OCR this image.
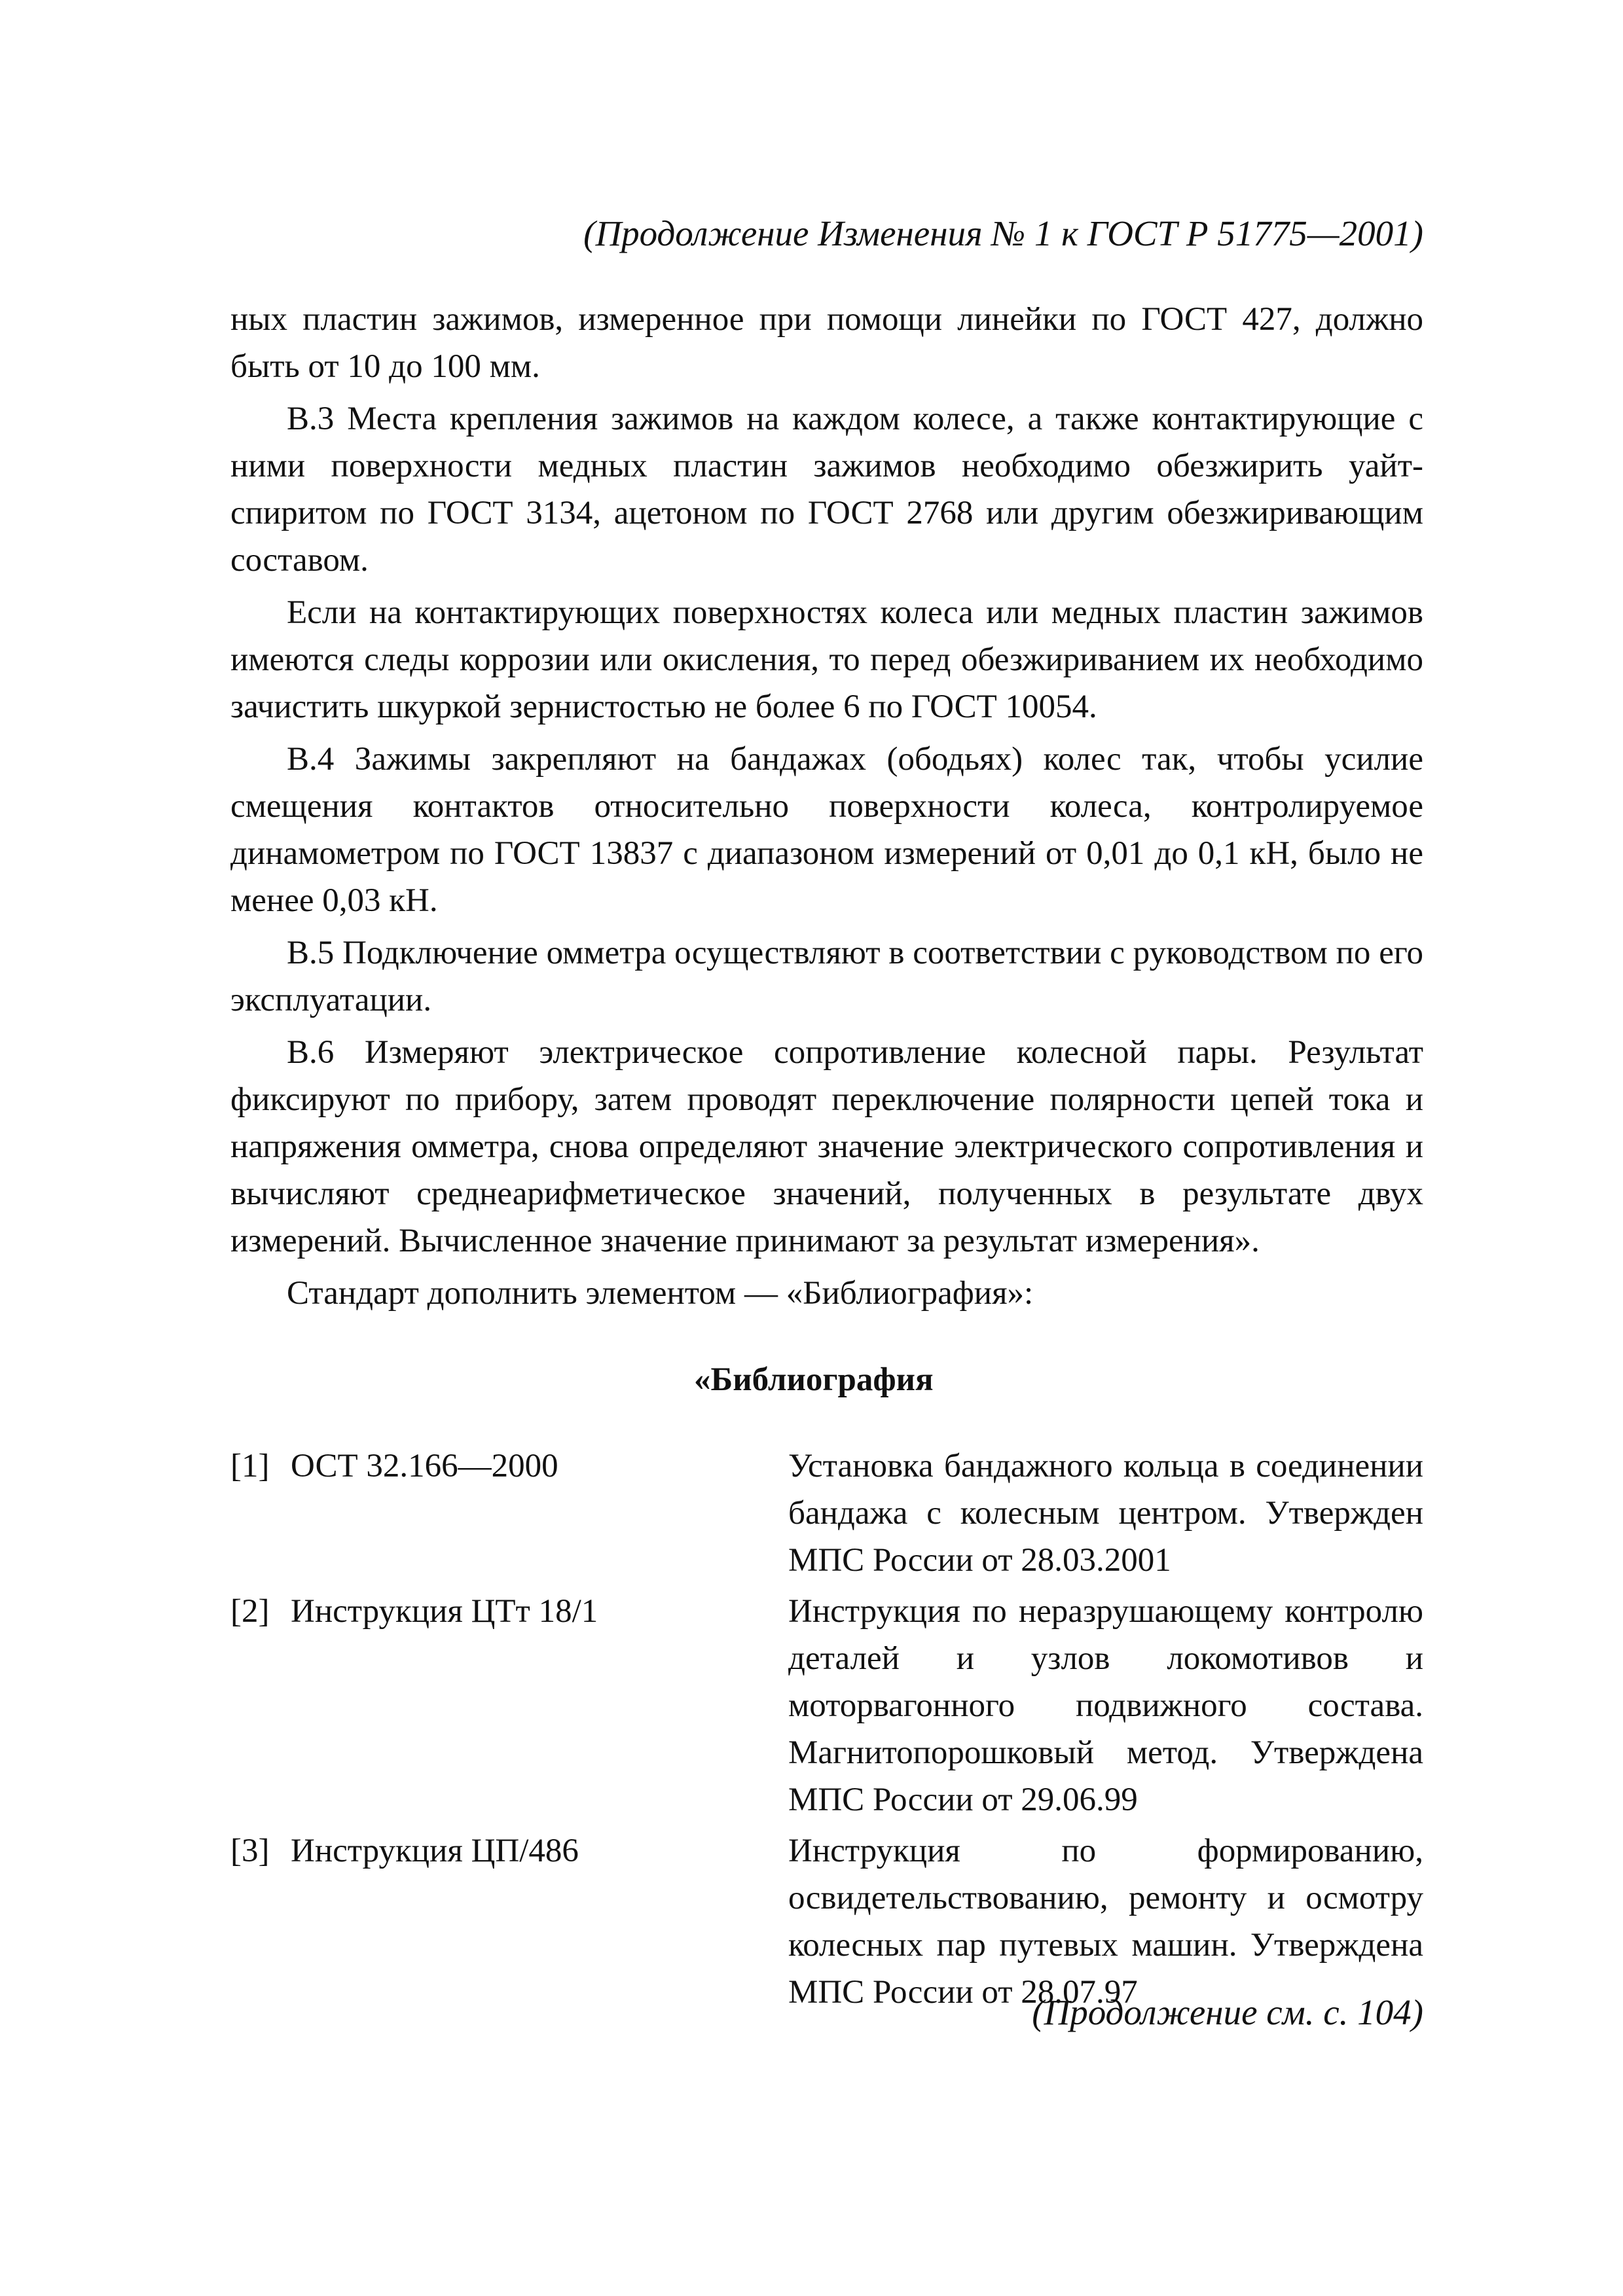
(Продолжение Изменения № 1 к ГОСТ Р 51775—2001)

ных пластин зажимов, измеренное при помощи линейки по ГОСТ 427, должно быть от 10 до 100 мм.

В.3 Места крепления зажимов на каждом колесе, а также контактирующие с ними поверхности медных пластин зажимов необходимо обезжирить уайт-спиритом по ГОСТ 3134, ацетоном по ГОСТ 2768 или другим обезжиривающим составом.

Если на контактирующих поверхностях колеса или медных пластин зажимов имеются следы коррозии или окисления, то перед обезжириванием их необходимо зачистить шкуркой зернистостью не более 6 по ГОСТ 10054.

В.4 Зажимы закрепляют на бандажах (ободьях) колес так, чтобы усилие смещения контактов относительно поверхности колеса, контролируемое динамометром по ГОСТ 13837 с диапазоном измерений от 0,01 до 0,1 кН, было не менее 0,03 кН.

В.5 Подключение омметра осуществляют в соответствии с руководством по его эксплуатации.

В.6 Измеряют электрическое сопротивление колесной пары. Результат фиксируют по прибору, затем проводят переключение полярности цепей тока и напряжения омметра, снова определяют значение электрического сопротивления и вычисляют среднеарифметическое значений, полученных в результате двух измерений. Вычисленное значение принимают за результат измерения».

Стандарт дополнить элементом — «Библиография»:

«Библиография
[1] ОСТ 32.166—2000	Установка бандажного кольца в соединении бандажа с колесным центром. Утвержден МПС России от 28.03.2001
[2] Инструкция ЦТт 18/1	Инструкция по неразрушающему контролю деталей и узлов локомотивов и моторвагонного подвижного состава. Магнитопорошковый метод. Утверждена МПС России от 29.06.99
[3] Инструкция ЦП/486	Инструкция по формированию, освидетельствованию, ремонту и осмотру колесных пар путевых машин. Утверждена МПС России от 28.07.97
(Продолжение см. с. 104)
